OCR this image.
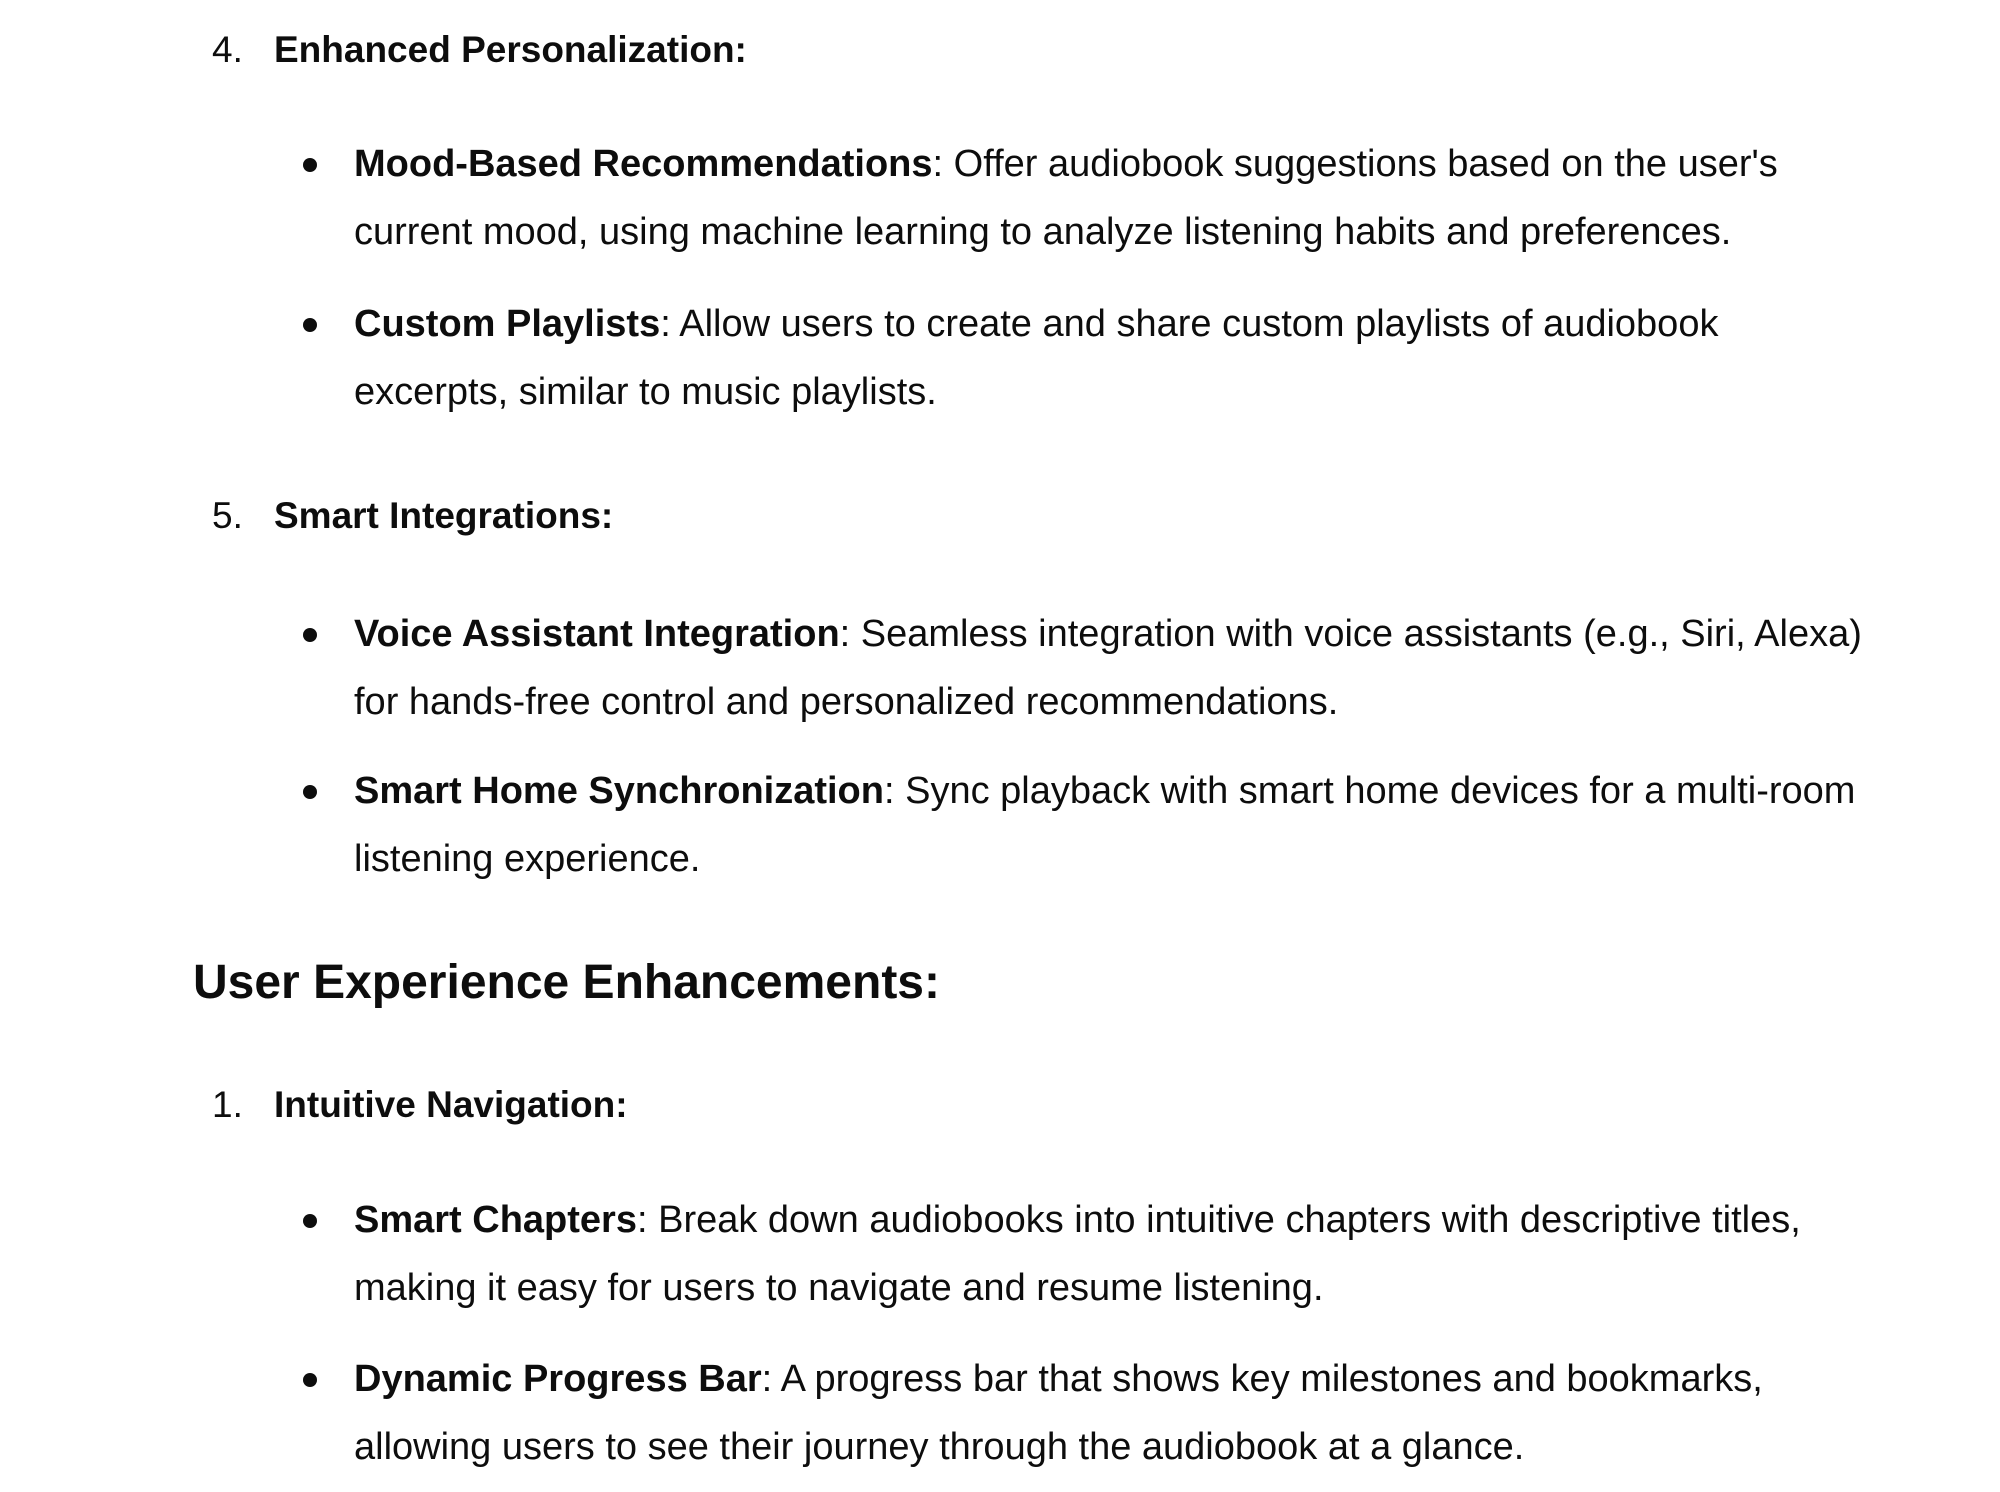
4. Enhanced Personalization:
Mood-Based Recommendations: Offer audiobook suggestions based on the user's
current mood, using machine learning to analyze listening habits and preferences.
Custom Playlists: Allow users to create and share custom playlists of audiobook
excerpts, similar to music playlists.
5. Smart Integrations:
Voice Assistant Integration: Seamless integration with voice assistants (e.g., Siri, Alexa)
for hands-free control and personalized recommendations.
Smart Home Synchronization: Sync playback with smart home devices for a multi-room
listening experience.
User Experience Enhancements:
1. Intuitive Navigation:
Smart Chapters: Break down audiobooks into intuitive chapters with descriptive titles,
making it easy for users to navigate and resume listening.
Dynamic Progress Bar: A progress bar that shows key milestones and bookmarks,
allowing users to see their journey through the audiobook at a glance.
